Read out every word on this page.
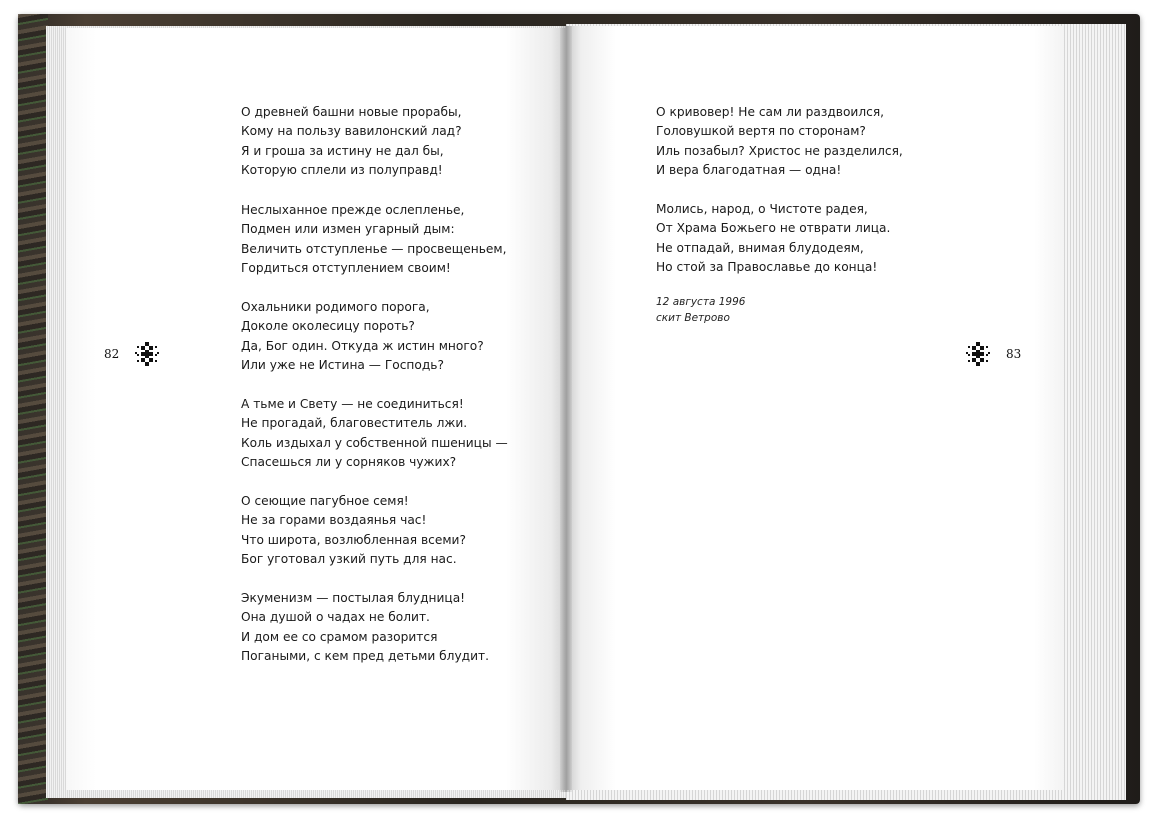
О древней башни новые прорабы,
Кому на пользу вавилонский лад?
Я и гроша за истину не дал бы,
Которую сплели из полуправд!
Неслыханное прежде ослепленье,
Подмен или измен угарный дым:
Величить отступленье — просвещеньем,
Гордиться отступлением своим!
Охальники родимого порога,
Доколе околесицу пороть?
Да, Бог один. Откуда ж истин много?
Или уже не Истина — Господь?
А тьме и Свету — не соединиться!
Не прогадай, благовеститель лжи.
Коль издыхал у собственной пшеницы —
Спасешься ли у сорняков чужих?
О сеющие пагубное семя!
Не за горами воздаянья час!
Что широта, возлюбленная всеми?
Бог уготовал узкий путь для нас.
Экуменизм — постылая блудница!
Она душой о чадах не болит.
И дом ее со срамом разорится
Погаными, с кем пред детьми блудит.
О кривовер! Не сам ли раздвоился,
Головушкой вертя по сторонам?
Иль позабыл? Христос не разделился,
И вера благодатная — одна!
Молись, народ, о Чистоте радея,
От Храма Божьего не отврати лица.
Не отпадай, внимая блудодеям,
Но стой за Православье до конца!
12 августа 1996
скит Ветрово
82	83
